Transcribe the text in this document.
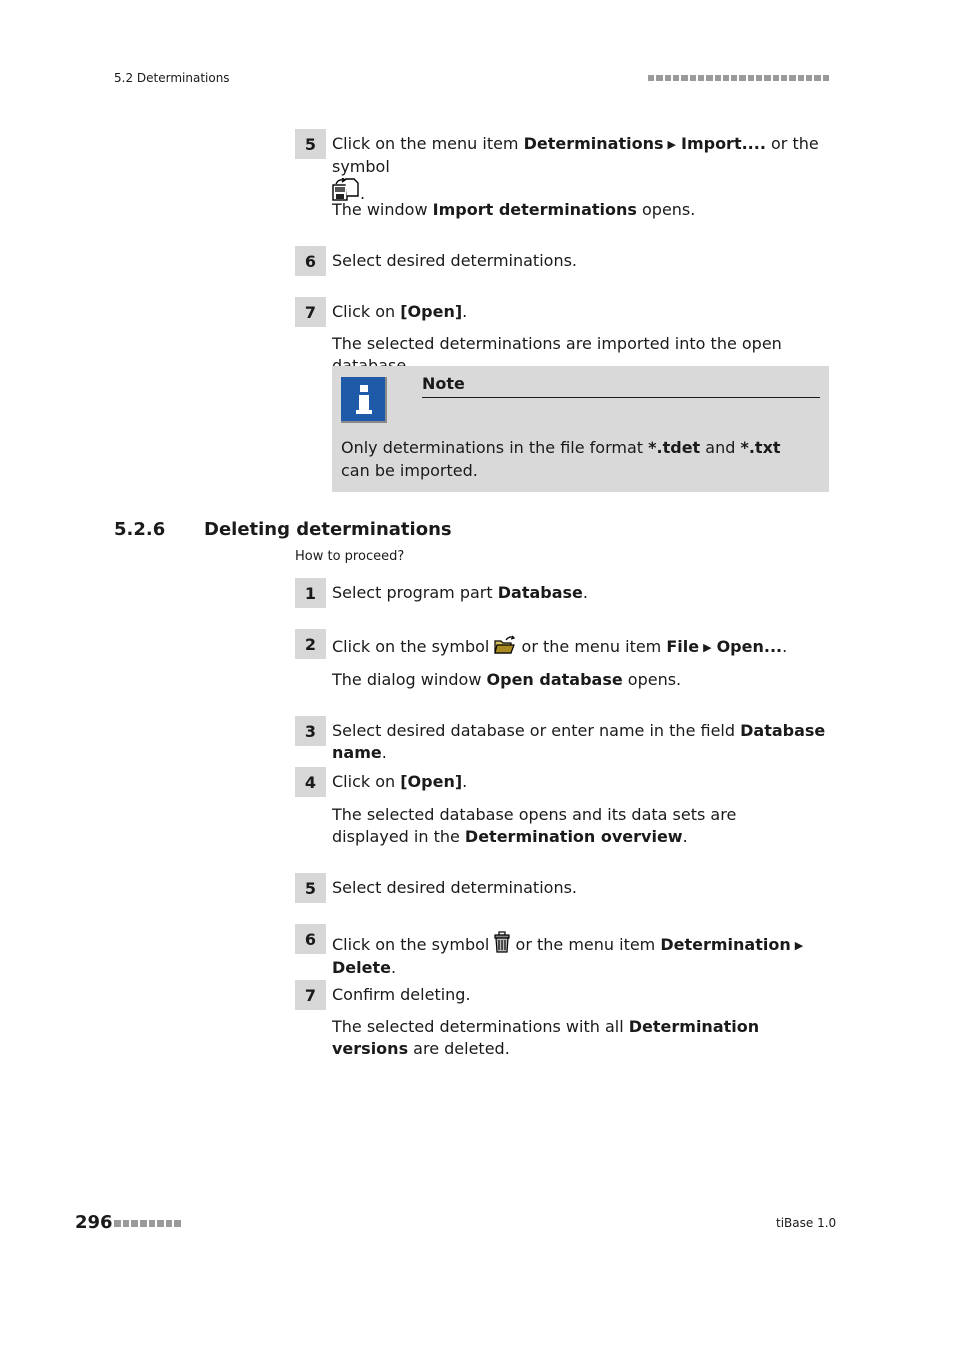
5.2 Determinations
5 Click on the menu item Determinations ▶ Import.... or the symbol
.
The window Import determinations opens.
6 Select desired determinations.
7 Click on [Open].
The selected determinations are imported into the open
Note
Only determinations in the file format *.tdet and *.txt can be imported.
5.2.6 Deleting determinations
How to proceed?
1 Select program part Database.
2 Click on the symbol  or the menu item File ▶ Open....
The dialog window Open database opens.
3 Select desired database or enter name in the field Database name.
4 Click on [Open].
The selected database opens and its data sets are displayed in the Determination overview.
5 Select desired determinations.
6 Click on the symbol  or the menu item Determination ▶Delete.
7 Confirm deleting.
The selected determinations with all Determination versions are deleted.
296	tiBase 1.0
